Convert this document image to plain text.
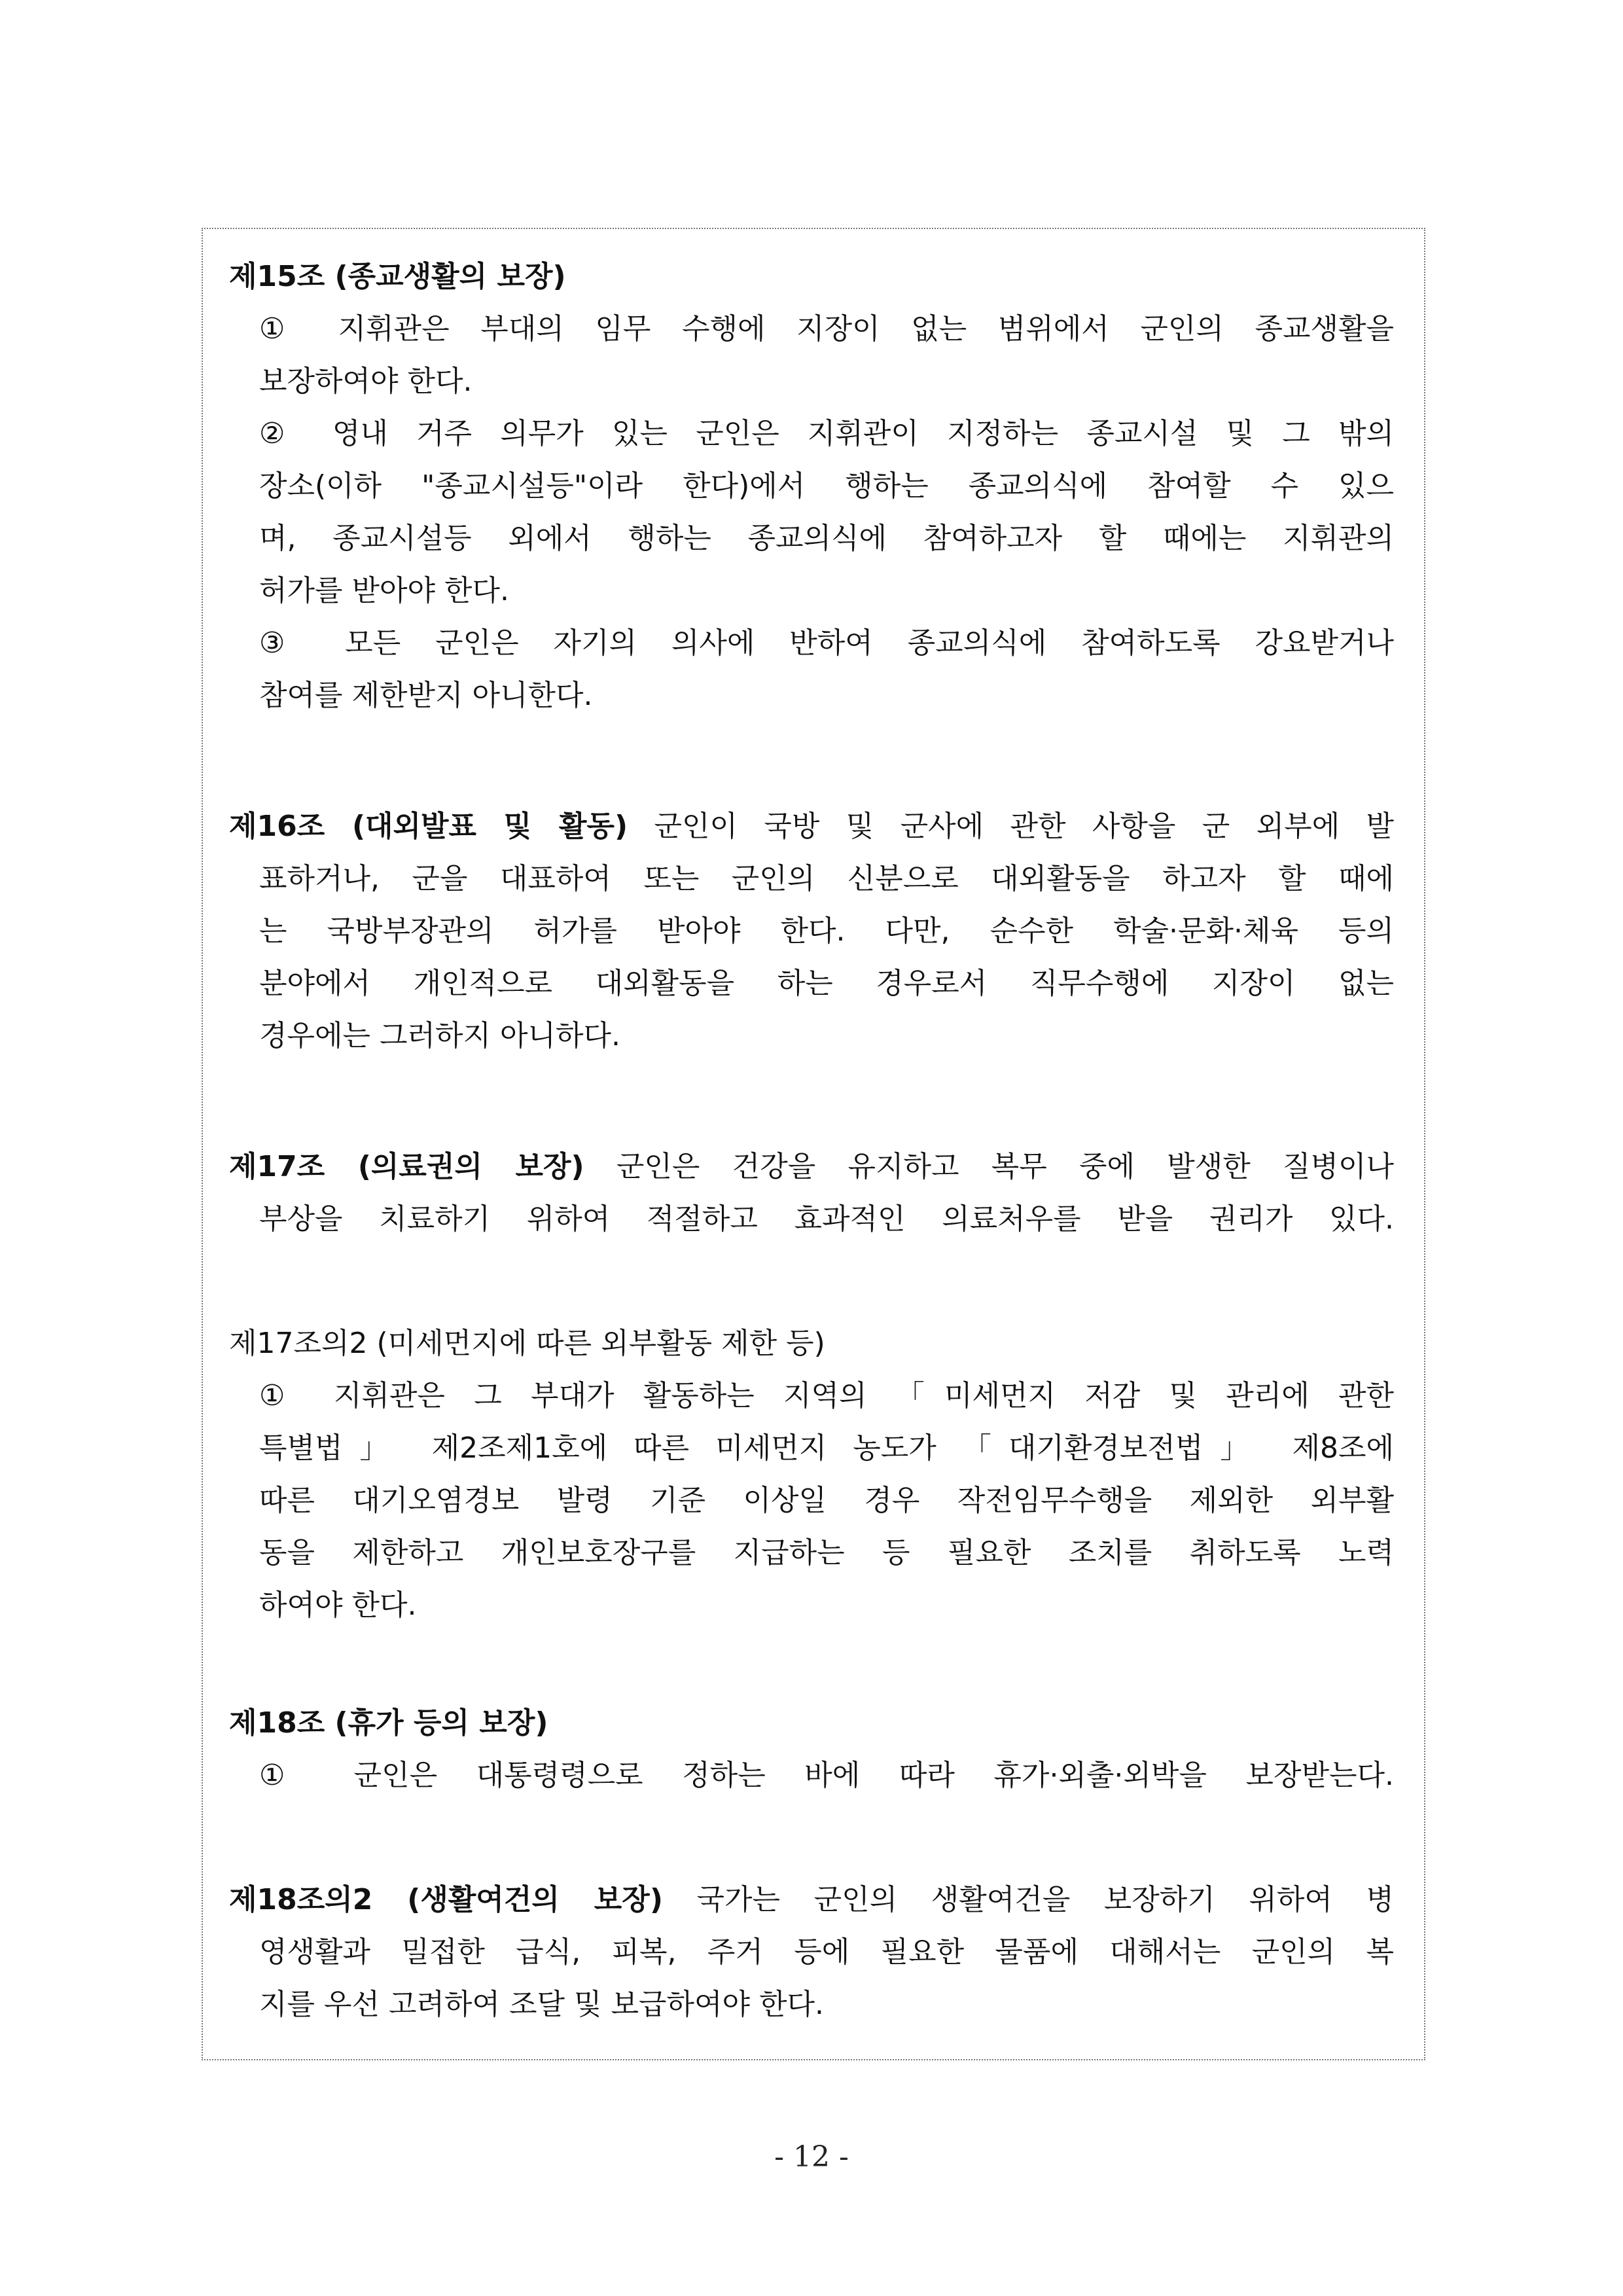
제15조 (종교생활의 보장)
① 지휘관은 부대의 임무 수행에 지장이 없는 범위에서 군인의 종교생활을
보장하여야 한다.
② 영내 거주 의무가 있는 군인은 지휘관이 지정하는 종교시설 및 그 밖의
장소(이하 "종교시설등"이라 한다)에서 행하는 종교의식에 참여할 수 있으
며, 종교시설등 외에서 행하는 종교의식에 참여하고자 할 때에는 지휘관의
허가를 받아야 한다.
③ 모든 군인은 자기의 의사에 반하여 종교의식에 참여하도록 강요받거나
참여를 제한받지 아니한다.
제16조 (대외발표 및 활동) 군인이 국방 및 군사에 관한 사항을 군 외부에 발
표하거나, 군을 대표하여 또는 군인의 신분으로 대외활동을 하고자 할 때에
는 국방부장관의 허가를 받아야 한다. 다만, 순수한 학술·문화·체육 등의
분야에서 개인적으로 대외활동을 하는 경우로서 직무수행에 지장이 없는
경우에는 그러하지 아니하다.
제17조 (의료권의 보장) 군인은 건강을 유지하고 복무 중에 발생한 질병이나
부상을 치료하기 위하여 적절하고 효과적인 의료처우를 받을 권리가 있다.
제17조의2 (미세먼지에 따른 외부활동 제한 등)
① 지휘관은 그 부대가 활동하는 지역의 「미세먼지 저감 및 관리에 관한
특별법」 제2조제1호에 따른 미세먼지 농도가 「대기환경보전법」 제8조에
따른 대기오염경보 발령 기준 이상일 경우 작전임무수행을 제외한 외부활
동을 제한하고 개인보호장구를 지급하는 등 필요한 조치를 취하도록 노력
하여야 한다.
제18조 (휴가 등의 보장)
① 군인은 대통령령으로 정하는 바에 따라 휴가·외출·외박을 보장받는다.
제18조의2 (생활여건의 보장) 국가는 군인의 생활여건을 보장하기 위하여 병
영생활과 밀접한 급식, 피복, 주거 등에 필요한 물품에 대해서는 군인의 복
지를 우선 고려하여 조달 및 보급하여야 한다.
- 12 -
